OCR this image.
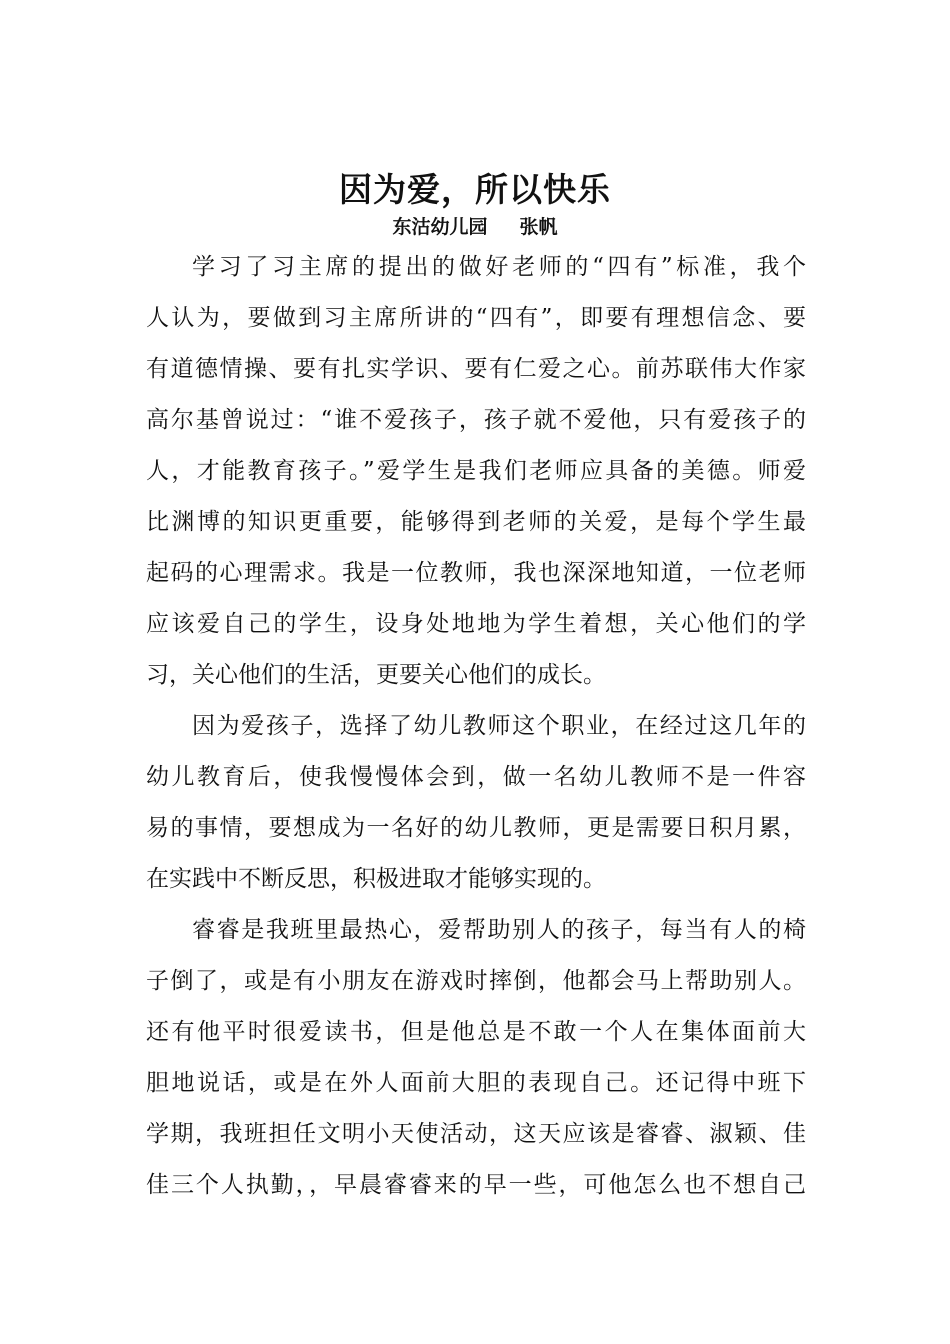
因为爱，所以快乐
东沽幼儿园 张帆
学习了习主席的提出的做好老师的“四有”标准，我个
人认为，要做到习主席所讲的“四有”，即要有理想信念、要
有道德情操、要有扎实学识、要有仁爱之心。前苏联伟大作家
高尔基曾说过：“谁不爱孩子，孩子就不爱他，只有爱孩子的
人，才能教育孩子。”爱学生是我们老师应具备的美德。师爱
比渊博的知识更重要，能够得到老师的关爱，是每个学生最
起码的心理需求。我是一位教师，我也深深地知道，一位老师
应该爱自己的学生，设身处地地为学生着想，关心他们的学
习，关心他们的生活，更要关心他们的成长。
因为爱孩子，选择了幼儿教师这个职业，在经过这几年的
幼儿教育后，使我慢慢体会到，做一名幼儿教师不是一件容
易的事情，要想成为一名好的幼儿教师，更是需要日积月累，
在实践中不断反思，积极进取才能够实现的。
睿睿是我班里最热心，爱帮助别人的孩子，每当有人的椅
子倒了，或是有小朋友在游戏时摔倒，他都会马上帮助别人。
还有他平时很爱读书，但是他总是不敢一个人在集体面前大
胆地说话，或是在外人面前大胆的表现自己。还记得中班下
学期，我班担任文明小天使活动，这天应该是睿睿、淑颖、佳
佳三个人执勤，，早晨睿睿来的早一些，可他怎么也不想自己
